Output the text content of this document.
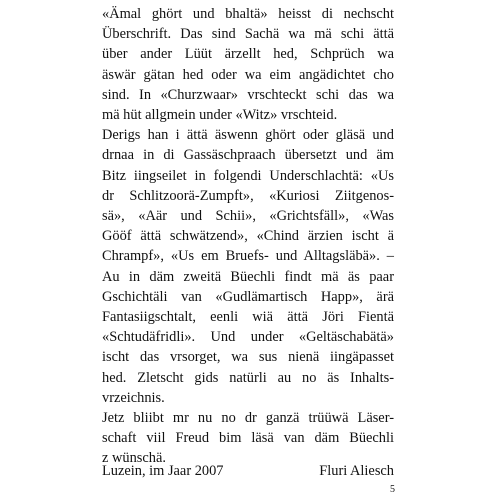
«Ämal ghört und bhaltä» heisst di nechscht
Überschrift. Das sind Sachä wa mä schi ättä
über ander Lüüt ärzellt hed, Schprüch wa
äswär gätan hed oder wa eim angädichtet cho
sind. In «Churzwaar» vrschteckt schi das wa
mä hüt allgmein under «Witz» vrschteid.
Derigs han i ättä äswenn ghört oder gläsä und
drnaa in di Gassäschpraach übersetzt und äm
Bitz iingseilet in folgendi Underschlachtä: «Us
dr Schlitzoorä-Zumpft», «Kuriosi Ziitgenos-
sä», «Aär und Schii», «Grichtsfäll», «Was
Gööf ättä schwätzend», «Chind ärzien ischt ä
Chrampf», «Us em Bruefs- und Alltagsläbä». –
Au in däm zweitä Büechli findt mä äs paar
Gschichtäli van «Gudlämartisch Happ», ärä
Fantasiigschtalt, eenli wiä ättä Jöri Fientä
«Schtudäfridli». Und under «Geltäschabätä»
ischt das vrsorget, wa sus nienä iingäpasset
hed. Zletscht gids natürli au no äs Inhalts-
vrzeichnis.
Jetz bliibt mr nu no dr ganzä trüüwä Läser-
schaft viil Freud bim läsä van däm Büechli
z wünschä.
Luzein, im Jaar 2007	Fluri Aliesch
5
